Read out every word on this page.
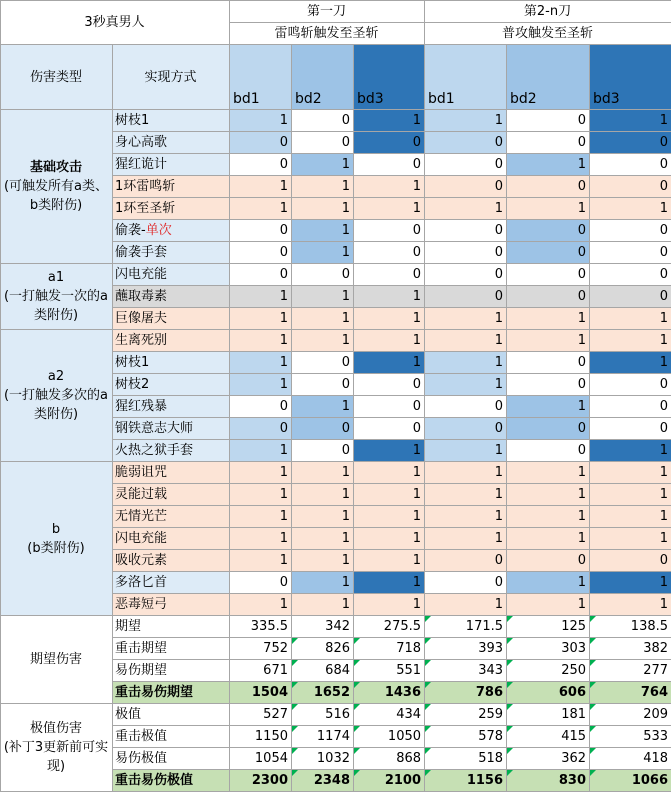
3秒真男人		第一刀			第2-n刀		
		雷鸣斩触发至圣斩			普攻触发至圣斩		
伤害类型	实现方式	bd1	bd2	bd3	bd1	bd2	bd3

基础攻击
(可触发所有a类、b类附伤)	树枝1	1	0	1	1	0	1
	身心高歌	0	0	0	0	0	0
	猩红诡计	0	1	0	0	1	0
	1环雷鸣斩	1	1	1	0	0	0
	1环至圣斩	1	1	1	1	1	1
	偷袭-单次	0	1	0	0	0	0
	偷袭手套	0	1	0	0	0	0
a1
(一打触发一次的a类附伤)	闪电充能	0	0	0	0	0	0
	蘸取毒素	1	1	1	0	0	0
	巨像屠夫	1	1	1	1	1	1
a2
(一打触发多次的a类附伤)	生离死别	1	1	1	1	1	1
	树枝1	1	0	1	1	0	1
	树枝2	1	0	0	1	0	0
	猩红残暴	0	1	0	0	1	0
	钢铁意志大师	0	0	0	0	0	0
	火热之狱手套	1	0	1	1	0	1
b
(b类附伤)	脆弱诅咒	1	1	1	1	1	1
	灵能过载	1	1	1	1	1	1
	无情光芒	1	1	1	1	1	1
	闪电充能	1	1	1	1	1	1
	吸收元素	1	1	1	0	0	0
	多洛匕首	0	1	1	0	1	1
	恶毒短弓	1	1	1	1	1	1
期望伤害	期望	335.5	342	275.5	171.5	125	138.5
	重击期望	752	826	718	393	303	382
	易伤期望	671	684	551	343	250	277
	重击易伤期望	1504	1652	1436	786	606	764
极值伤害
(补丁3更新前可实现)	极值	527	516	434	259	181	209
	重击极值	1150	1174	1050	578	415	533
	易伤极值	1054	1032	868	518	362	418
	重击易伤极值	2300	2348	2100	1156	830	1066
